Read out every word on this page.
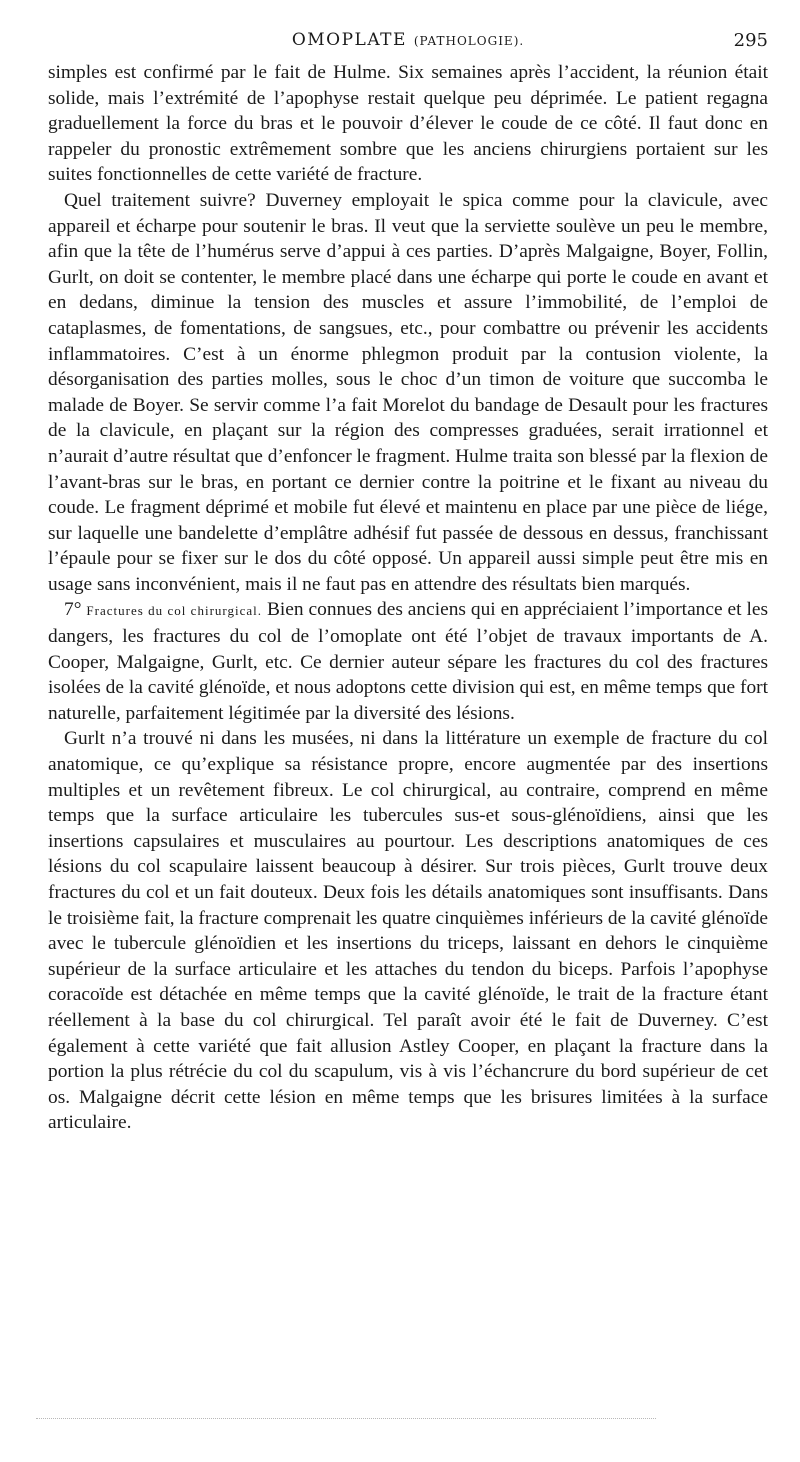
OMOPLATE (PATHOLOGIE).	295

simples est confirmé par le fait de Hulme. Six semaines après l’accident, la réunion était solide, mais l’extrémité de l’apophyse restait quelque peu déprimée. Le patient regagna graduellement la force du bras et le pouvoir d’élever le coude de ce côté. Il faut donc en rappeler du pronostic extrêmement sombre que les anciens chirurgiens portaient sur les suites fonctionnelles de cette variété de fracture.

Quel traitement suivre? Duverney employait le spica comme pour la clavicule, avec appareil et écharpe pour soutenir le bras. Il veut que la serviette soulève un peu le membre, afin que la tête de l’humérus serve d’appui à ces parties. D’après Malgaigne, Boyer, Follin, Gurlt, on doit se contenter, le membre placé dans une écharpe qui porte le coude en avant et en dedans, diminue la tension des muscles et assure l’immobilité, de l’emploi de cataplasmes, de fomentations, de sangsues, etc., pour combattre ou prévenir les accidents inflammatoires. C’est à un énorme phlegmon produit par la contusion violente, la désorganisation des parties molles, sous le choc d’un timon de voiture que succomba le malade de Boyer. Se servir comme l’a fait Morelot du bandage de Desault pour les fractures de la clavicule, en plaçant sur la région des compresses graduées, serait irrationnel et n’aurait d’autre résultat que d’enfoncer le fragment. Hulme traita son blessé par la flexion de l’avant-bras sur le bras, en portant ce dernier contre la poitrine et le fixant au niveau du coude. Le fragment déprimé et mobile fut élevé et maintenu en place par une pièce de liége, sur laquelle une bandelette d’emplâtre adhésif fut passée de dessous en dessus, franchissant l’épaule pour se fixer sur le dos du côté opposé. Un appareil aussi simple peut être mis en usage sans inconvénient, mais il ne faut pas en attendre des résultats bien marqués.

7° Fractures du col chirurgical. Bien connues des anciens qui en appréciaient l’importance et les dangers, les fractures du col de l’omoplate ont été l’objet de travaux importants de A. Cooper, Malgaigne, Gurlt, etc. Ce dernier auteur sépare les fractures du col des fractures isolées de la cavité glénoïde, et nous adoptons cette division qui est, en même temps que fort naturelle, parfaitement légitimée par la diversité des lésions.

Gurlt n’a trouvé ni dans les musées, ni dans la littérature un exemple de fracture du col anatomique, ce qu’explique sa résistance propre, encore augmentée par des insertions multiples et un revêtement fibreux. Le col chirurgical, au contraire, comprend en même temps que la surface articulaire les tubercules sus-et sous-glénoïdiens, ainsi que les insertions capsulaires et musculaires au pourtour. Les descriptions anatomiques de ces lésions du col scapulaire laissent beaucoup à désirer. Sur trois pièces, Gurlt trouve deux fractures du col et un fait douteux. Deux fois les détails anatomiques sont insuffisants. Dans le troisième fait, la fracture comprenait les quatre cinquièmes inférieurs de la cavité glénoïde avec le tubercule glénoïdien et les insertions du triceps, laissant en dehors le cinquième supérieur de la surface articulaire et les attaches du tendon du biceps. Parfois l’apophyse coracoïde est détachée en même temps que la cavité glénoïde, le trait de la fracture étant réellement à la base du col chirurgical. Tel paraît avoir été le fait de Duverney. C’est également à cette variété que fait allusion Astley Cooper, en plaçant la fracture dans la portion la plus rétrécie du col du scapulum, vis à vis l’échancrure du bord supérieur de cet os. Malgaigne décrit cette lésion en même temps que les brisures limitées à la surface articulaire.
